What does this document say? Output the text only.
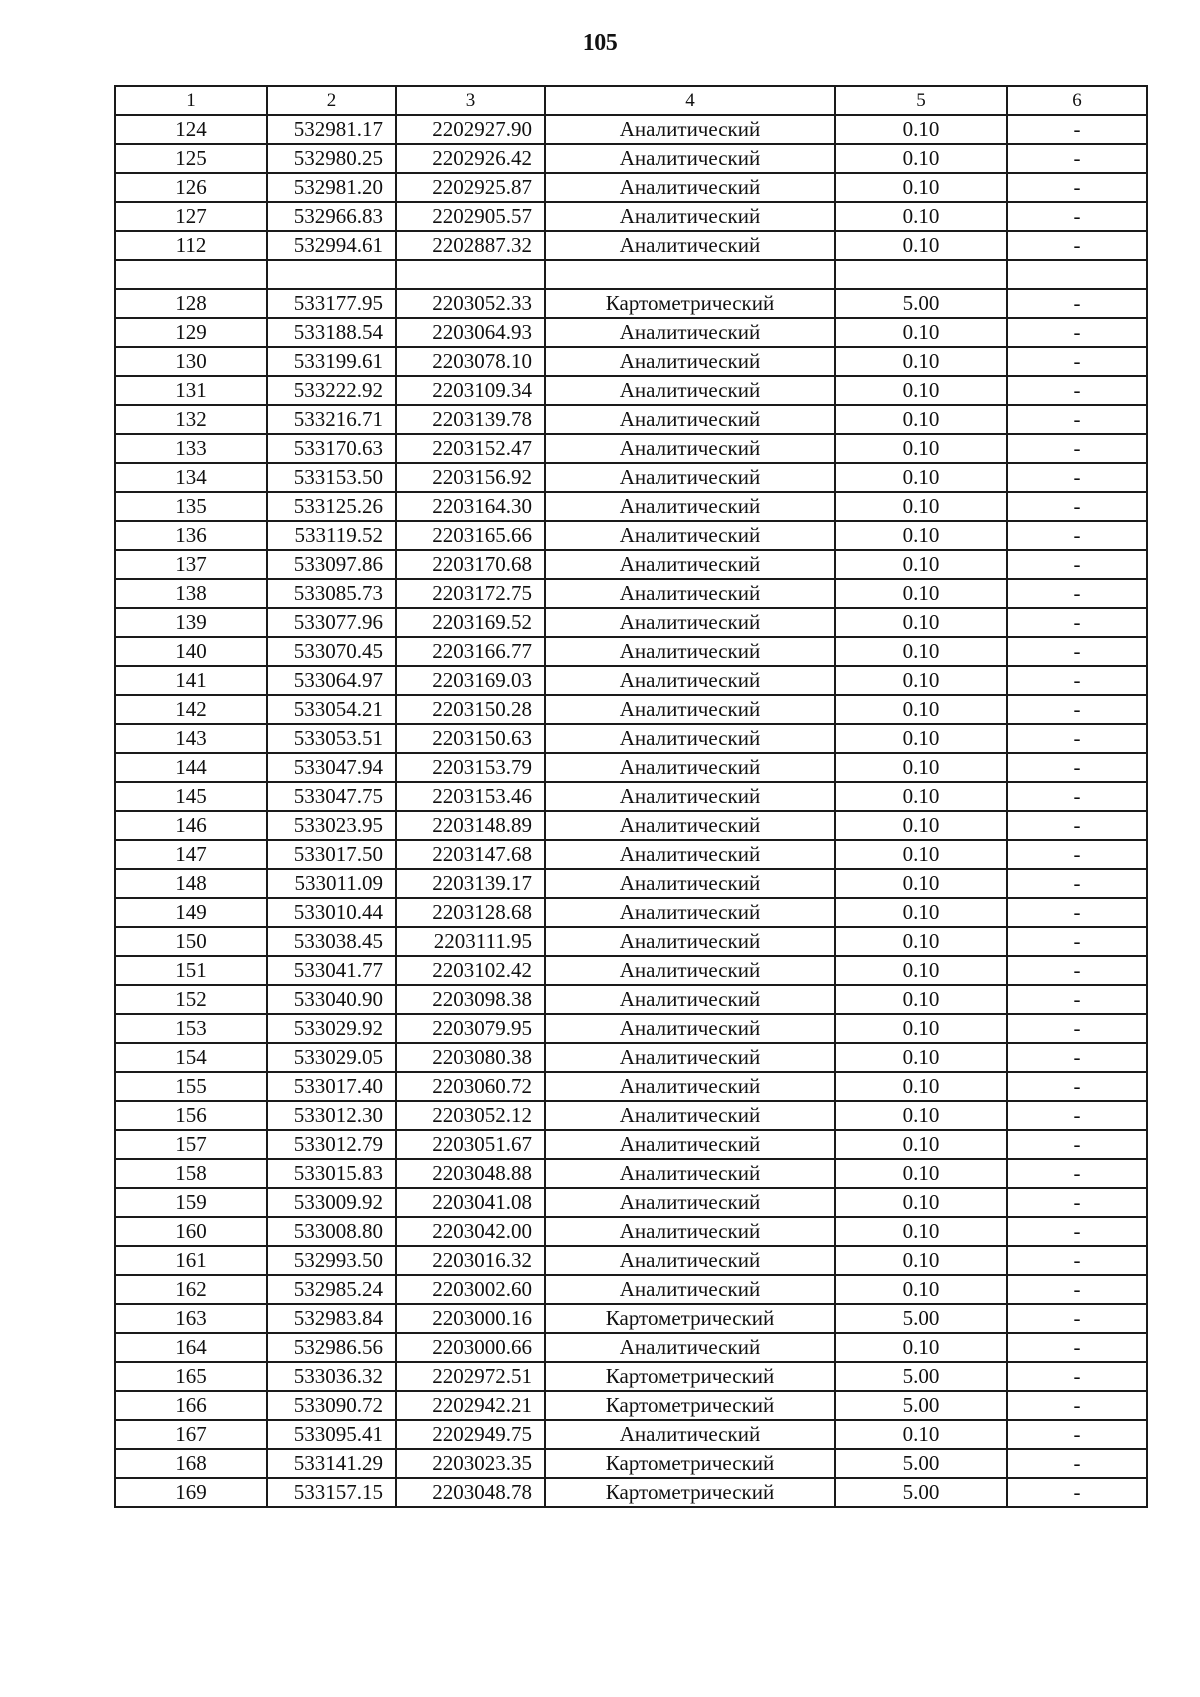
105
1	2	3	4	5	6
124	532981.17	2202927.90	Аналитический	0.10	-
125	532980.25	2202926.42	Аналитический	0.10	-
126	532981.20	2202925.87	Аналитический	0.10	-
127	532966.83	2202905.57	Аналитический	0.10	-
112	532994.61	2202887.32	Аналитический	0.10	-

128	533177.95	2203052.33	Картометрический	5.00	-
129	533188.54	2203064.93	Аналитический	0.10	-
130	533199.61	2203078.10	Аналитический	0.10	-
131	533222.92	2203109.34	Аналитический	0.10	-
132	533216.71	2203139.78	Аналитический	0.10	-
133	533170.63	2203152.47	Аналитический	0.10	-
134	533153.50	2203156.92	Аналитический	0.10	-
135	533125.26	2203164.30	Аналитический	0.10	-
136	533119.52	2203165.66	Аналитический	0.10	-
137	533097.86	2203170.68	Аналитический	0.10	-
138	533085.73	2203172.75	Аналитический	0.10	-
139	533077.96	2203169.52	Аналитический	0.10	-
140	533070.45	2203166.77	Аналитический	0.10	-
141	533064.97	2203169.03	Аналитический	0.10	-
142	533054.21	2203150.28	Аналитический	0.10	-
143	533053.51	2203150.63	Аналитический	0.10	-
144	533047.94	2203153.79	Аналитический	0.10	-
145	533047.75	2203153.46	Аналитический	0.10	-
146	533023.95	2203148.89	Аналитический	0.10	-
147	533017.50	2203147.68	Аналитический	0.10	-
148	533011.09	2203139.17	Аналитический	0.10	-
149	533010.44	2203128.68	Аналитический	0.10	-
150	533038.45	2203111.95	Аналитический	0.10	-
151	533041.77	2203102.42	Аналитический	0.10	-
152	533040.90	2203098.38	Аналитический	0.10	-
153	533029.92	2203079.95	Аналитический	0.10	-
154	533029.05	2203080.38	Аналитический	0.10	-
155	533017.40	2203060.72	Аналитический	0.10	-
156	533012.30	2203052.12	Аналитический	0.10	-
157	533012.79	2203051.67	Аналитический	0.10	-
158	533015.83	2203048.88	Аналитический	0.10	-
159	533009.92	2203041.08	Аналитический	0.10	-
160	533008.80	2203042.00	Аналитический	0.10	-
161	532993.50	2203016.32	Аналитический	0.10	-
162	532985.24	2203002.60	Аналитический	0.10	-
163	532983.84	2203000.16	Картометрический	5.00	-
164	532986.56	2203000.66	Аналитический	0.10	-
165	533036.32	2202972.51	Картометрический	5.00	-
166	533090.72	2202942.21	Картометрический	5.00	-
167	533095.41	2202949.75	Аналитический	0.10	-
168	533141.29	2203023.35	Картометрический	5.00	-
169	533157.15	2203048.78	Картометрический	5.00	-
